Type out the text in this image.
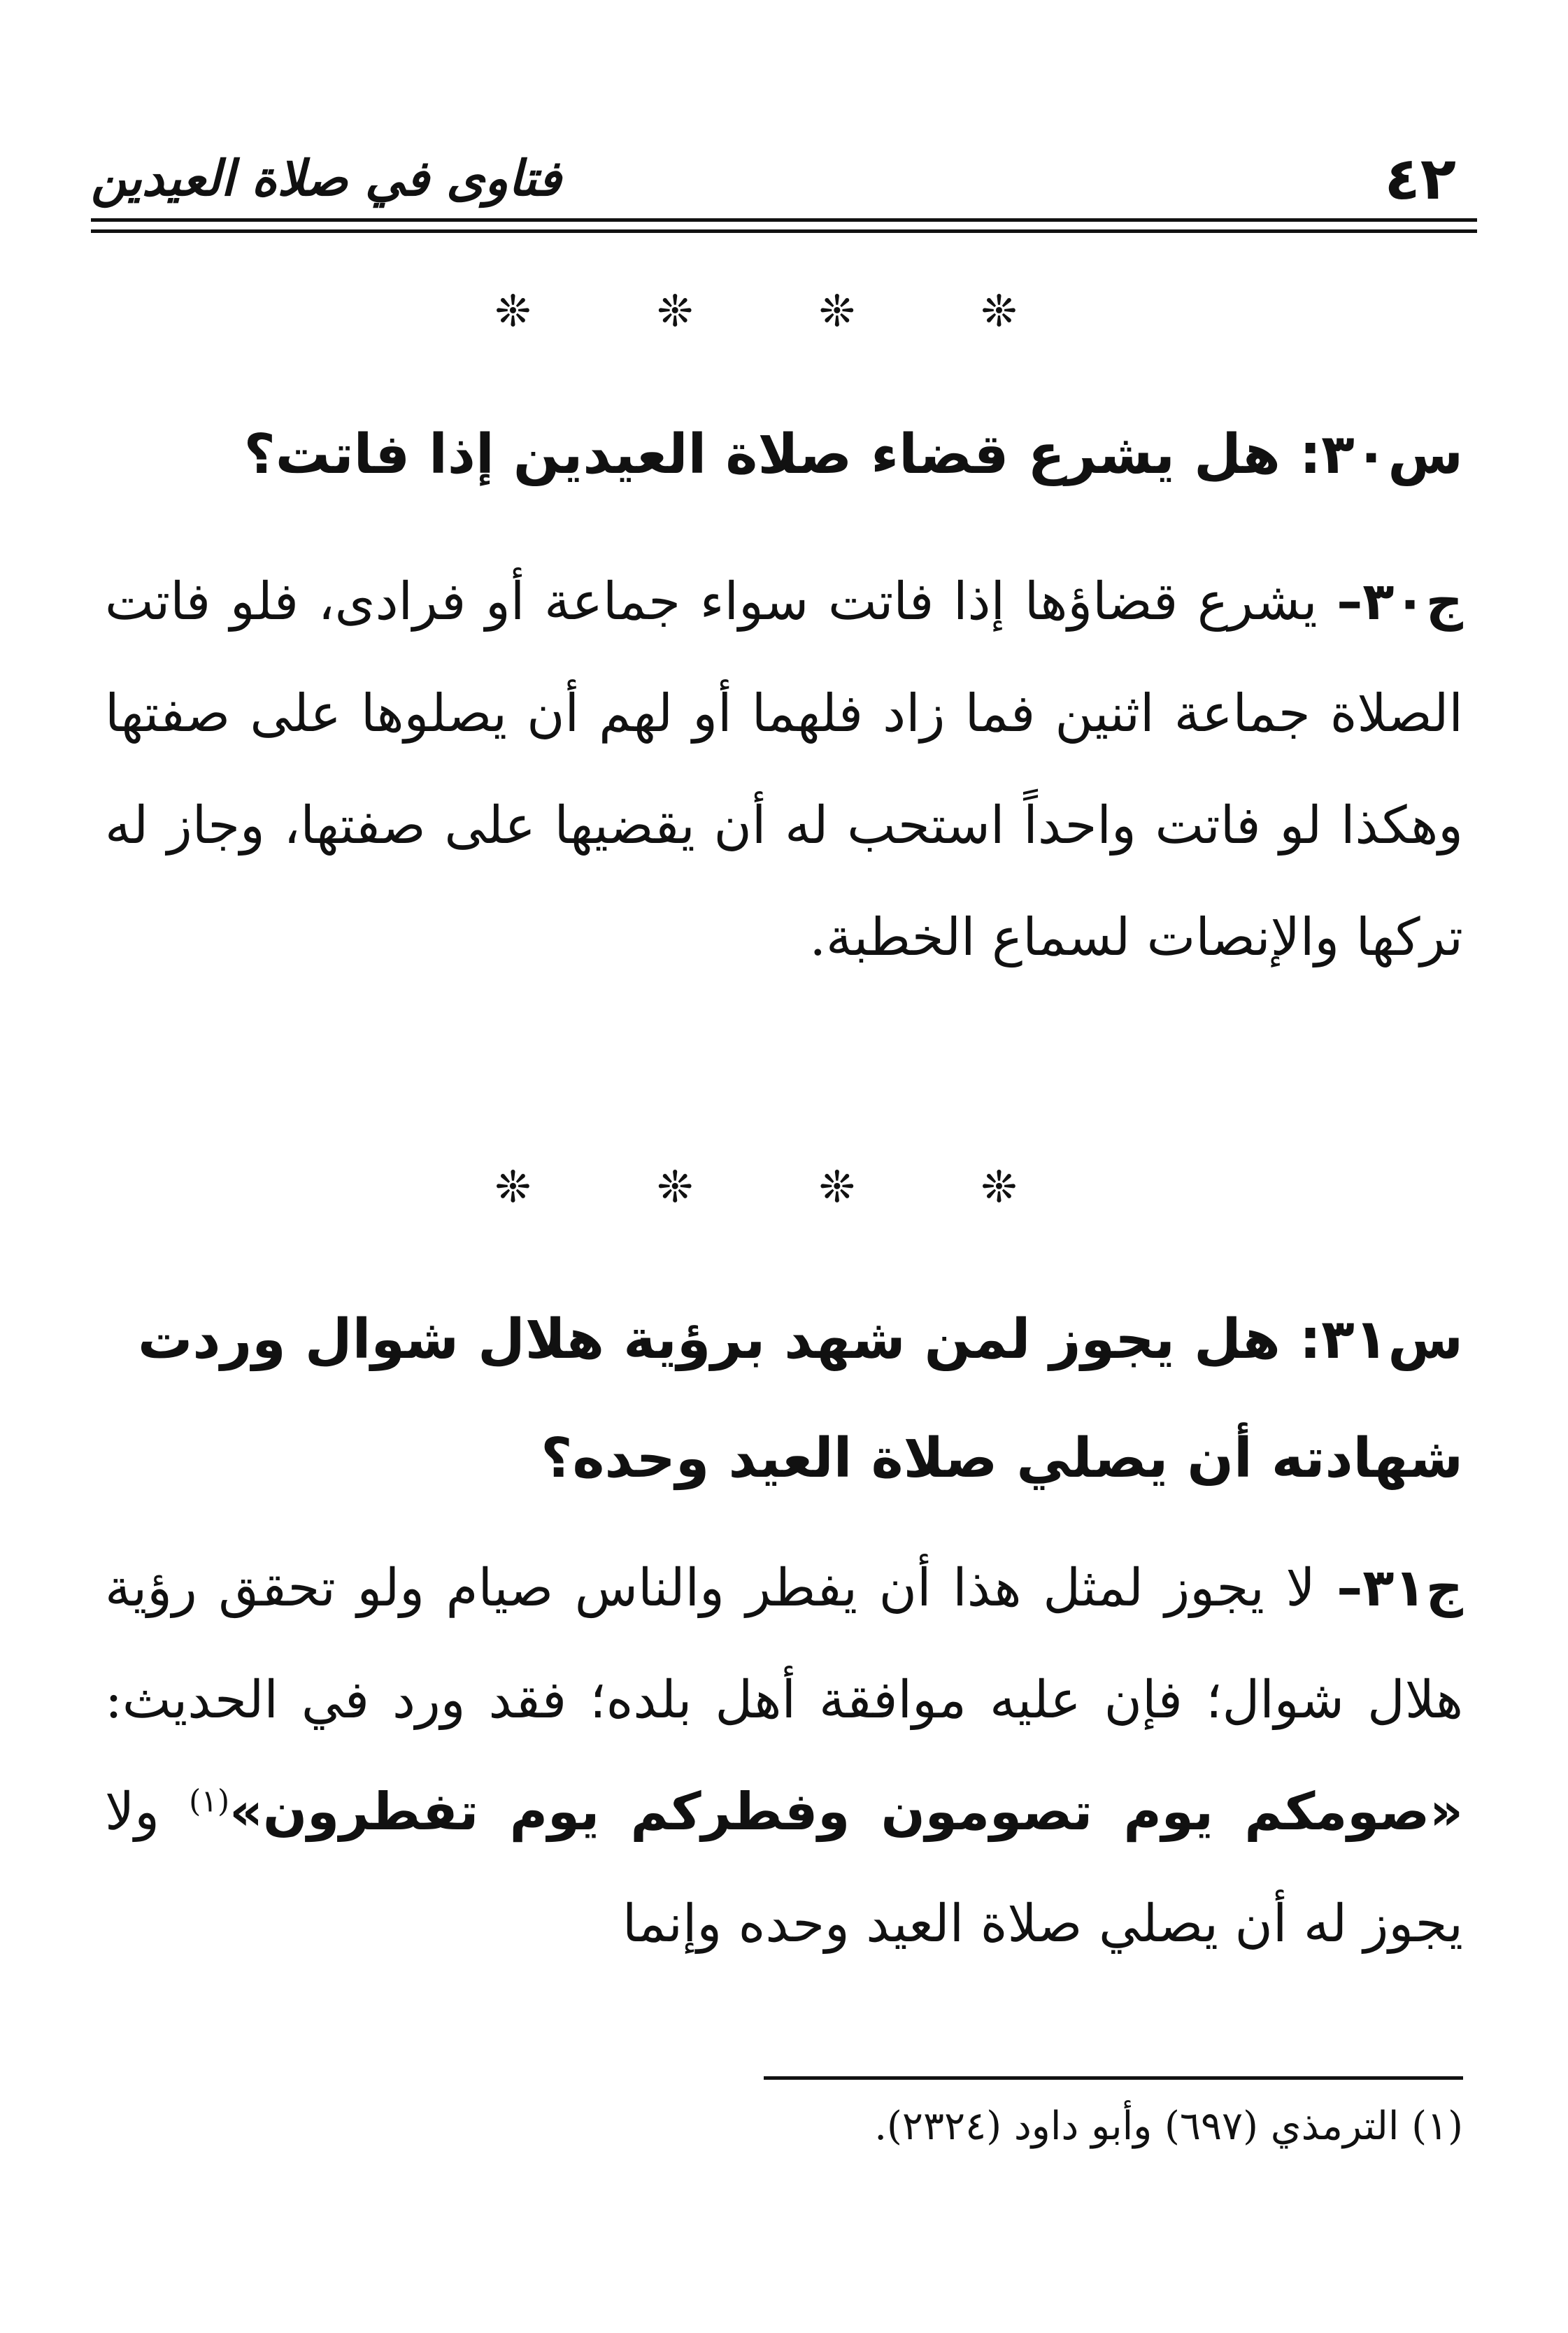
٤٢
فتاوى في صلاة العيدين
❊ ❊ ❊ ❊
س٣٠: هل يشرع قضاء صلاة العيدين إذا فاتت؟
ج٣٠– يشرع قضاؤها إذا فاتت سواء جماعة أو فرادى، فلو فاتت الصلاة جماعة اثنين فما زاد فلهما أو لهم أن يصلوها على صفتها وهكذا لو فاتت واحداً استحب له أن يقضيها على صفتها، وجاز له تركها والإنصات لسماع الخطبة.
❊ ❊ ❊ ❊
س٣١: هل يجوز لمن شهد برؤية هلال شوال وردت شهادته أن يصلي صلاة العيد وحده؟
ج٣١– لا يجوز لمثل هذا أن يفطر والناس صيام ولو تحقق رؤية هلال شوال؛ فإن عليه موافقة أهل بلده؛ فقد ورد في الحديث: «صومكم يوم تصومون وفطركم يوم تفطرون»$^{(١)}$ ولا يجوز له أن يصلي صلاة العيد وحده وإنما
(١) الترمذي (٦٩٧) وأبو داود (٢٣٢٤).
